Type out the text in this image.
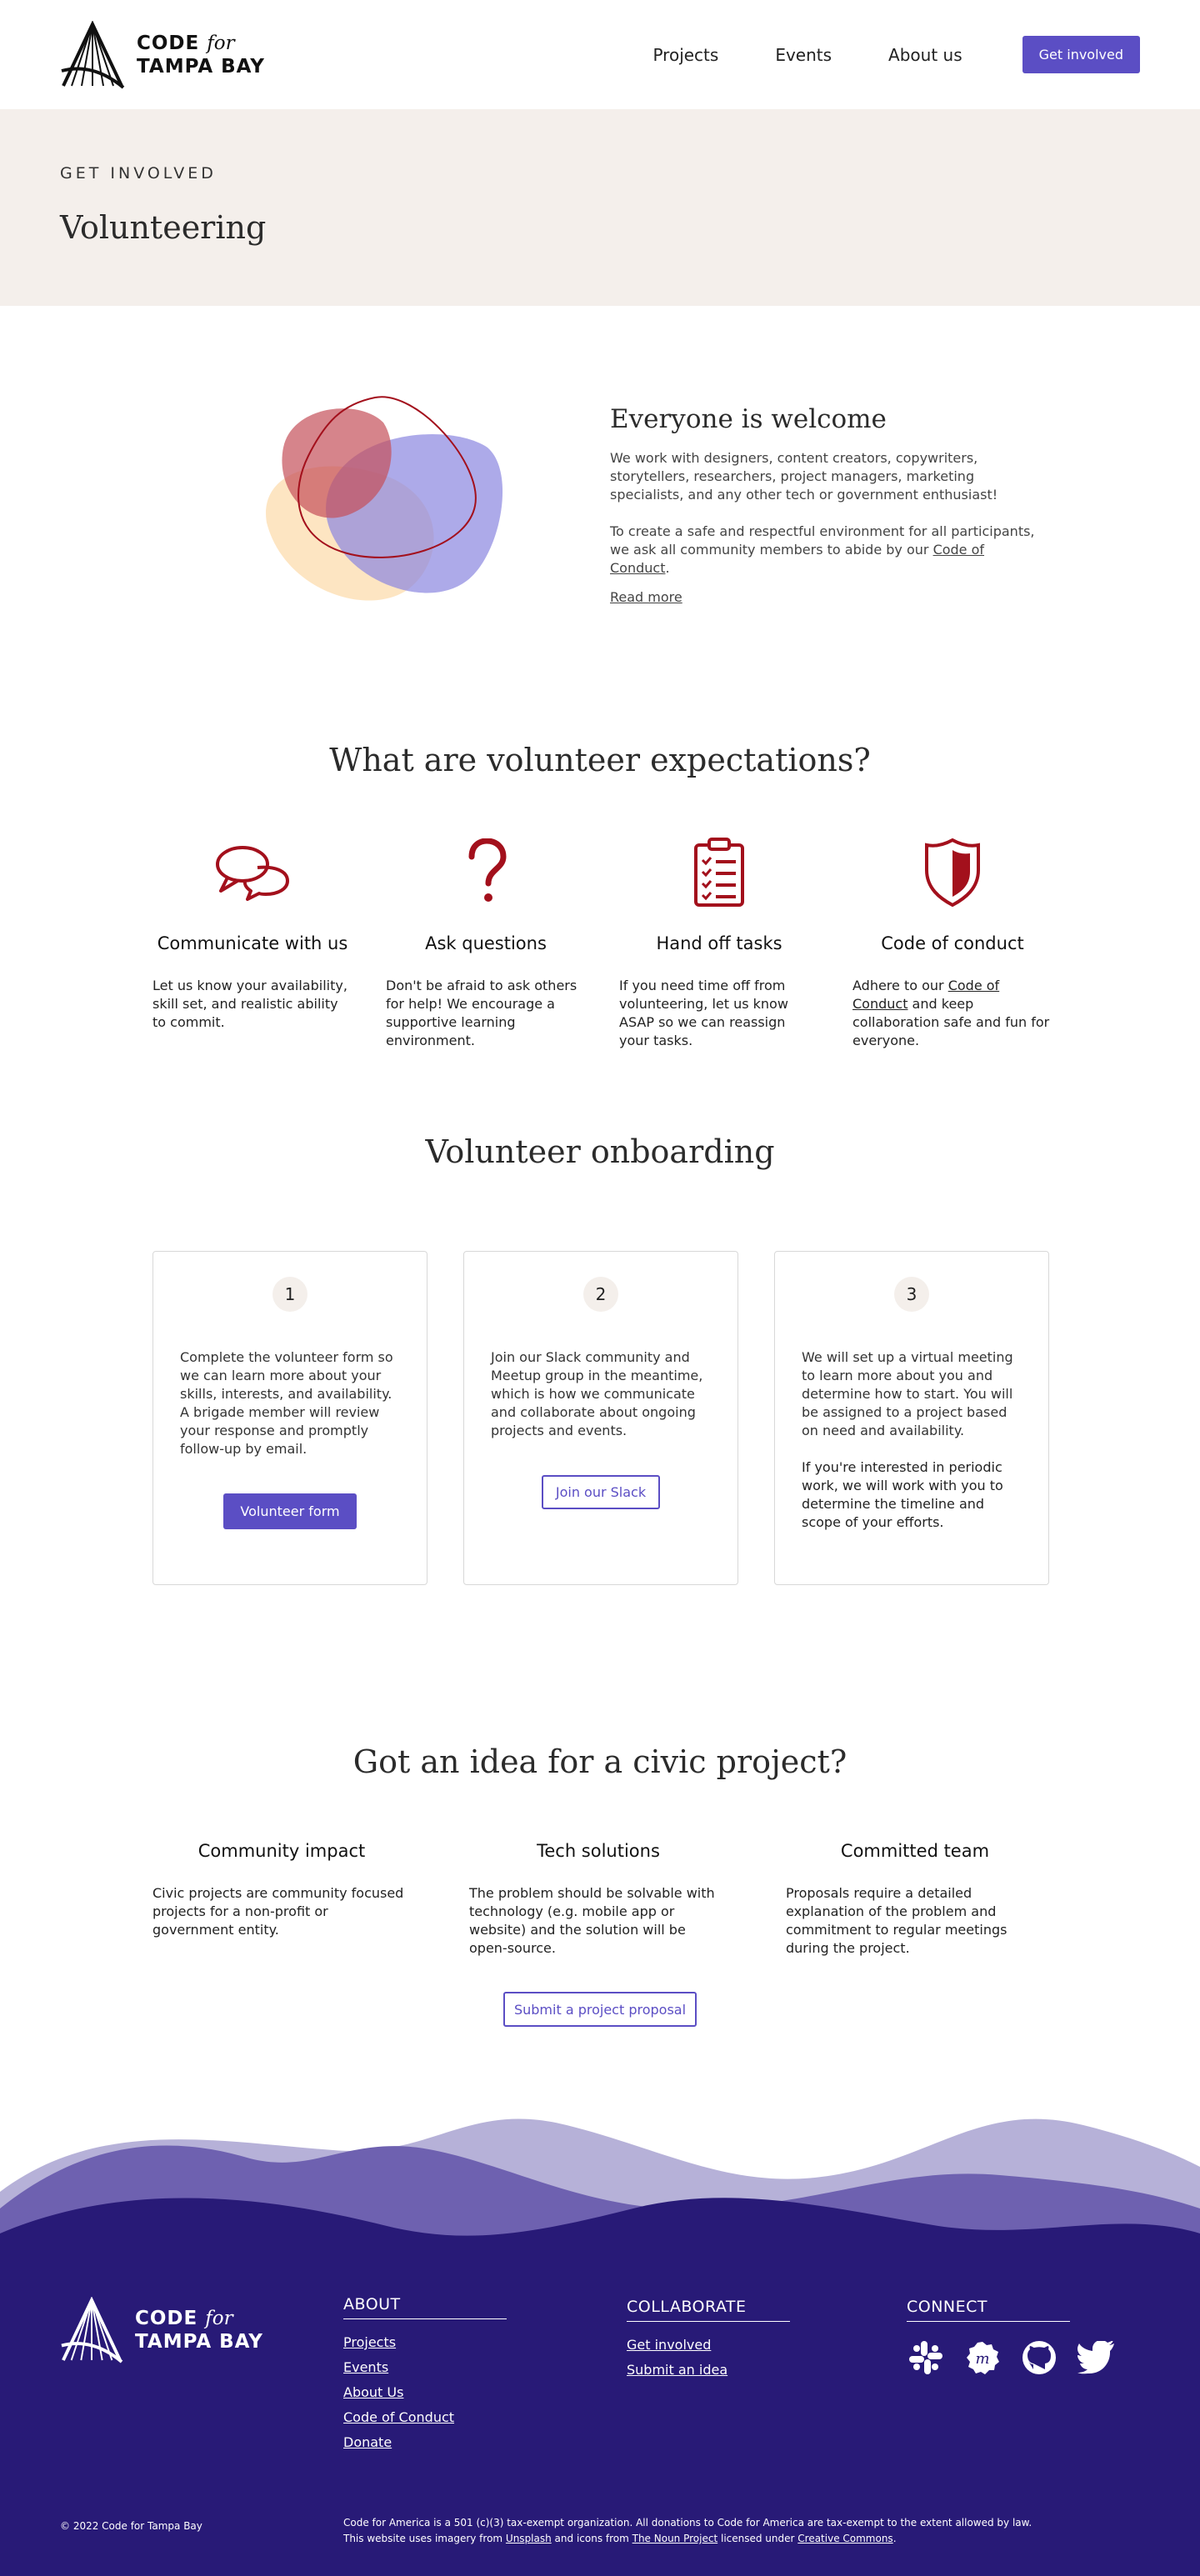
CODE for
TAMPA BAY
Projects	Events	About us	Get involved
GET INVOLVED
Volunteering
Everyone is welcome

We work with designers, content creators, copywriters, storytellers, researchers, project managers, marketing specialists, and any other tech or government enthusiast!

To create a safe and respectful environment for all participants, we ask all community members to abide by our Code of Conduct.

Read more
What are volunteer expectations?
Communicate with us

Let us know your availability, skill set, and realistic ability to commit.

Ask questions

Don't be afraid to ask others for help! We encourage a supportive learning environment.

Hand off tasks

If you need time off from volunteering, let us know ASAP so we can reassign your tasks.

Code of conduct

Adhere to our Code of Conduct and keep collaboration safe and fun for everyone.

Volunteer onboarding
1

Complete the volunteer form so we can learn more about your skills, interests, and availability. A brigade member will review your response and promptly follow-up by email.

Volunteer form
2

Join our Slack community and Meetup group in the meantime, which is how we communicate and collaborate about ongoing projects and events.

Join our Slack
3

We will set up a virtual meeting to learn more about you and determine how to start. You will be assigned to a project based on need and availability.

If you're interested in periodic work, we will work with you to determine the timeline and scope of your efforts.

Got an idea for a civic project?
Community impact

Civic projects are community focused projects for a non-profit or government entity.

Tech solutions

The problem should be solvable with technology (e.g. mobile app or website) and the solution will be open-source.

Committed team

Proposals require a detailed explanation of the problem and commitment to regular meetings during the project.

Submit a project proposal
CODE for
TAMPA BAY
ABOUT
Projects
Events
About Us
Code of Conduct
Donate
COLLABORATE
Get involved
Submit an idea
CONNECT
m
© 2022 Code for Tampa Bay	Code for America is a 501 (c)(3) tax-exempt organization. All donations to Code for America are tax-exempt to the extent allowed by law.
This website uses imagery from Unsplash and icons from The Noun Project licensed under Creative Commons.
